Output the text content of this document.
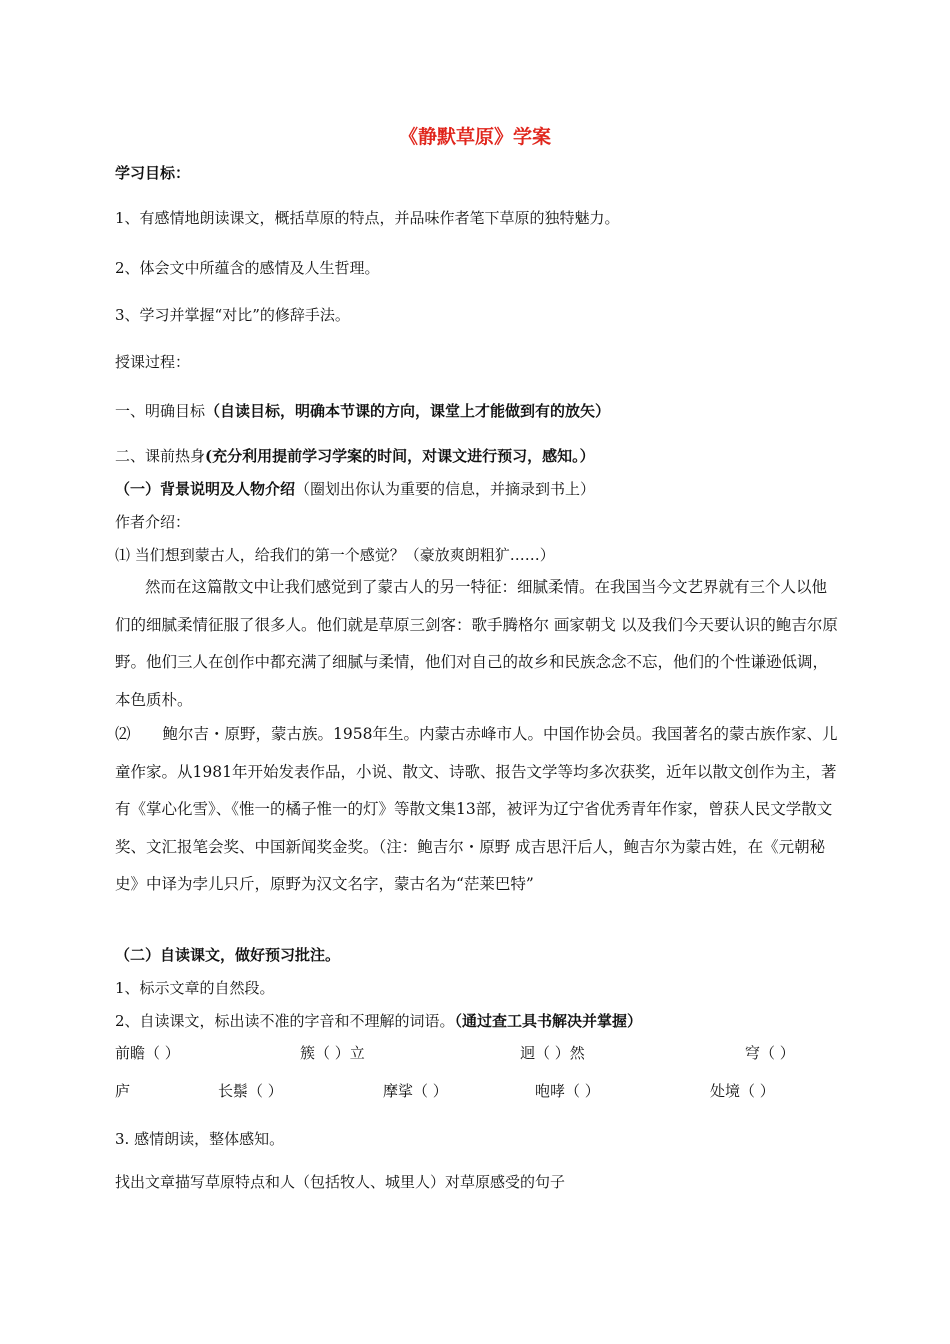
《静默草原》学案
学习目标：
1、有感情地朗读课文，概括草原的特点，并品味作者笔下草原的独特魅力。
2、体会文中所蕴含的感情及人生哲理。
3、学习并掌握“对比”的修辞手法。
授课过程：
一、明确目标（自读目标，明确本节课的方向，课堂上才能做到有的放矢）
二、课前热身(充分利用提前学习学案的时间，对课文进行预习，感知。）
（一）背景说明及人物介绍（圈划出你认为重要的信息，并摘录到书上）
作者介绍：
⑴ 当们想到蒙古人，给我们的第一个感觉？（豪放爽朗粗犷……）
然而在这篇散文中让我们感觉到了蒙古人的另一特征：细腻柔情。在我国当今文艺界就有三个人以他们的细腻柔情征服了很多人。他们就是草原三剑客：歌手腾格尔 画家朝戈 以及我们今天要认识的鲍吉尔原野。他们三人在创作中都充满了细腻与柔情，他们对自己的故乡和民族念念不忘，他们的个性谦逊低调，本色质朴。
⑵ 鲍尔吉・原野，蒙古族。1958年生。内蒙古赤峰市人。中国作协会员。我国著名的蒙古族作家、儿童作家。从1981年开始发表作品，小说、散文、诗歌、报告文学等均多次获奖，近年以散文创作为主，著有《掌心化雪》、《惟一的橘子惟一的灯》等散文集13部，被评为辽宁省优秀青年作家，曾获人民文学散文奖、文汇报笔会奖、中国新闻奖金奖。（注：鲍吉尔・原野 成吉思汗后人，鲍吉尔为蒙古姓，在《元朝秘史》中译为孛儿只斤，原野为汉文名字，蒙古名为“茫莱巴特”
（二）自读课文，做好预习批注。
1、标示文章的自然段。
2、自读课文，标出读不准的字音和不理解的词语。（通过查工具书解决并掌握）
前瞻（ ）	簇（ ）立	迥（ ）然	穹（ ）
庐	长鬃（ ）	摩挲（ ）	咆哮（ ）	处境（ ）
3. 感情朗读，整体感知。
找出文章描写草原特点和人（包括牧人、城里人）对草原感受的句子
